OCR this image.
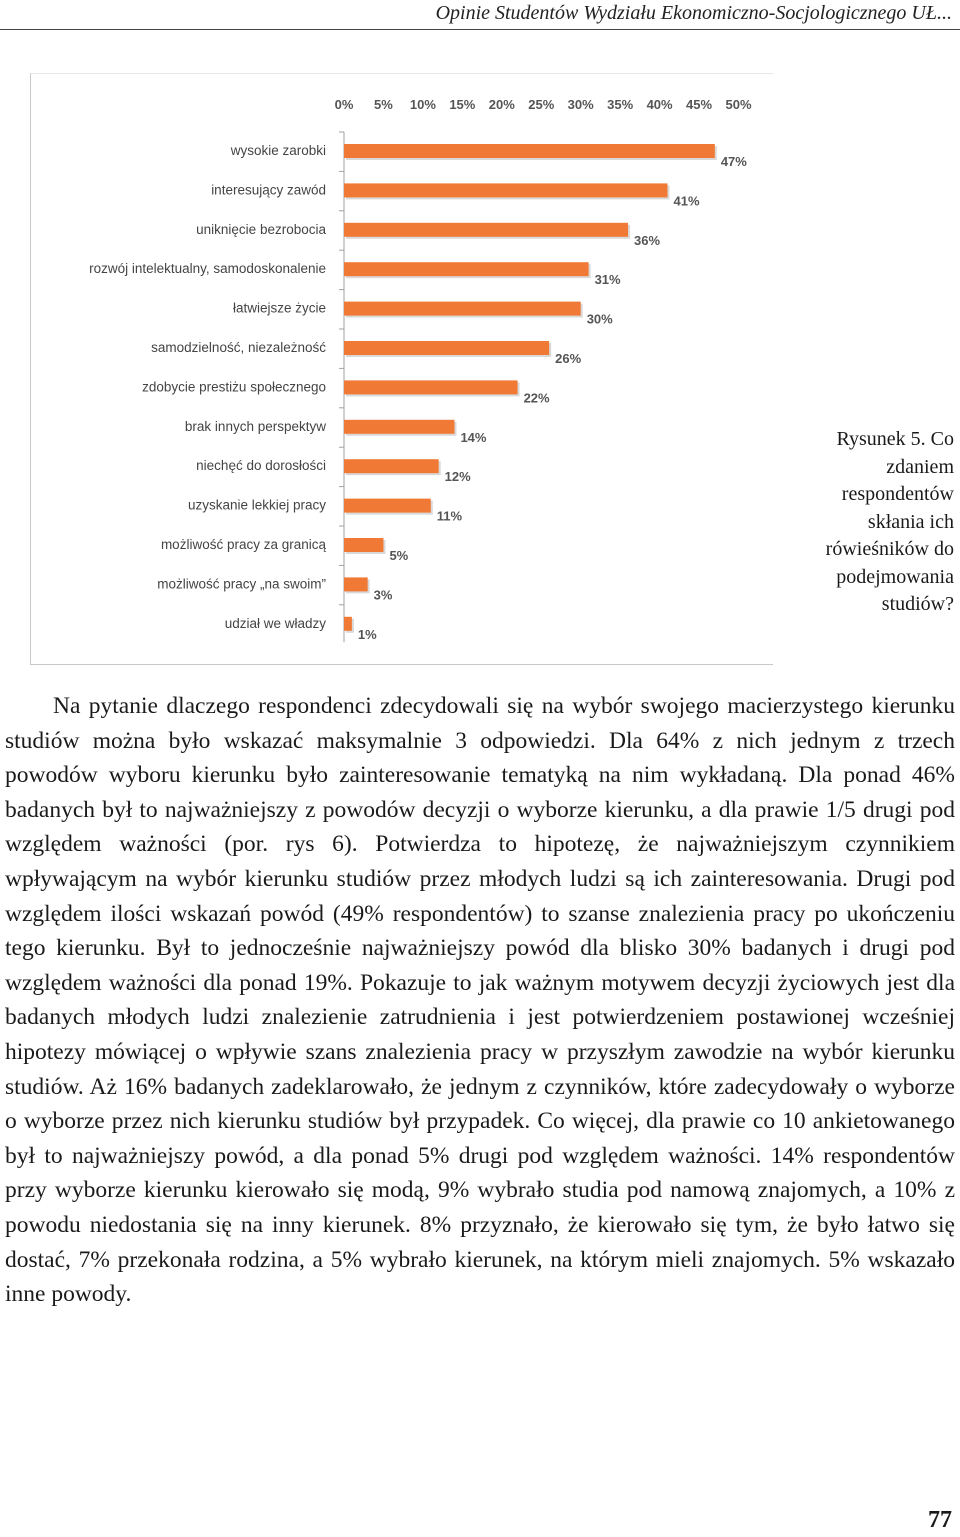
Opinie Studentów Wydziału Ekonomiczno-Socjologicznego UŁ...
0% 5% 10% 15% 20% 25% 30% 35% 40% 45% 50%
wysokie zarobki
47%
interesujący zawód
41%
uniknięcie bezrobocia
36%
rozwój intelektualny, samodoskonalenie
31%
łatwiejsze życie
30%
samodzielność, niezależność
26%
zdobycie prestiżu społecznego
22%
brak innych perspektyw
14%
niechęć do dorosłości
12%
uzyskanie lekkiej pracy
11%
możliwość pracy za granicą
5%
możliwość pracy „na swoim”
3%
udział we władzy
1%
Rysunek 5. Co zdaniem respondentów skłania ich rówieśników do podejmowania studiów?

Na pytanie dlaczego respondenci zdecydowali się na wybór swojego macierzystego kierunku studiów można było wskazać maksymalnie 3 odpowiedzi. Dla 64% z nich jednym z trzech powodów wyboru kierunku było zainteresowanie tematyką na nim wykładaną. Dla ponad 46% badanych był to najważniejszy z powodów decyzji o wyborze kierunku, a dla prawie 1/5 drugi pod względem ważności (por. rys 6). Potwierdza to hipotezę, że najważniejszym czynnikiem wpływającym na wybór kierunku studiów przez młodych ludzi są ich zainteresowania. Drugi pod względem ilości wskazań powód (49% respondentów) to szanse znalezienia pracy po ukończeniu tego kierunku. Był to jednocześnie najważniejszy powód dla blisko 30% badanych i drugi pod względem ważności dla ponad 19%. Pokazuje to jak ważnym motywem decyzji życiowych jest dla badanych młodych ludzi znalezienie zatrudnienia i jest potwierdzeniem postawionej wcześniej hipotezy mówiącej o wpływie szans znalezienia pracy w przyszłym zawodzie na wybór kierunku studiów. Aż 16% badanych zadeklarowało, że jednym z czynników, które zadecydowały o wyborze o wyborze przez nich kierunku studiów był przypadek. Co więcej, dla prawie co 10 ankietowanego był to najważniejszy powód, a dla ponad 5% drugi pod względem ważności. 14% respondentów przy wyborze kierunku kierowało się modą, 9% wybrało studia pod namową znajomych, a 10% z powodu niedostania się na inny kierunek. 8% przyznało, że kierowało się tym, że było łatwo się dostać, 7% przekonała rodzina, a 5% wybrało kierunek, na którym mieli znajomych. 5% wskazało inne powody.

77
